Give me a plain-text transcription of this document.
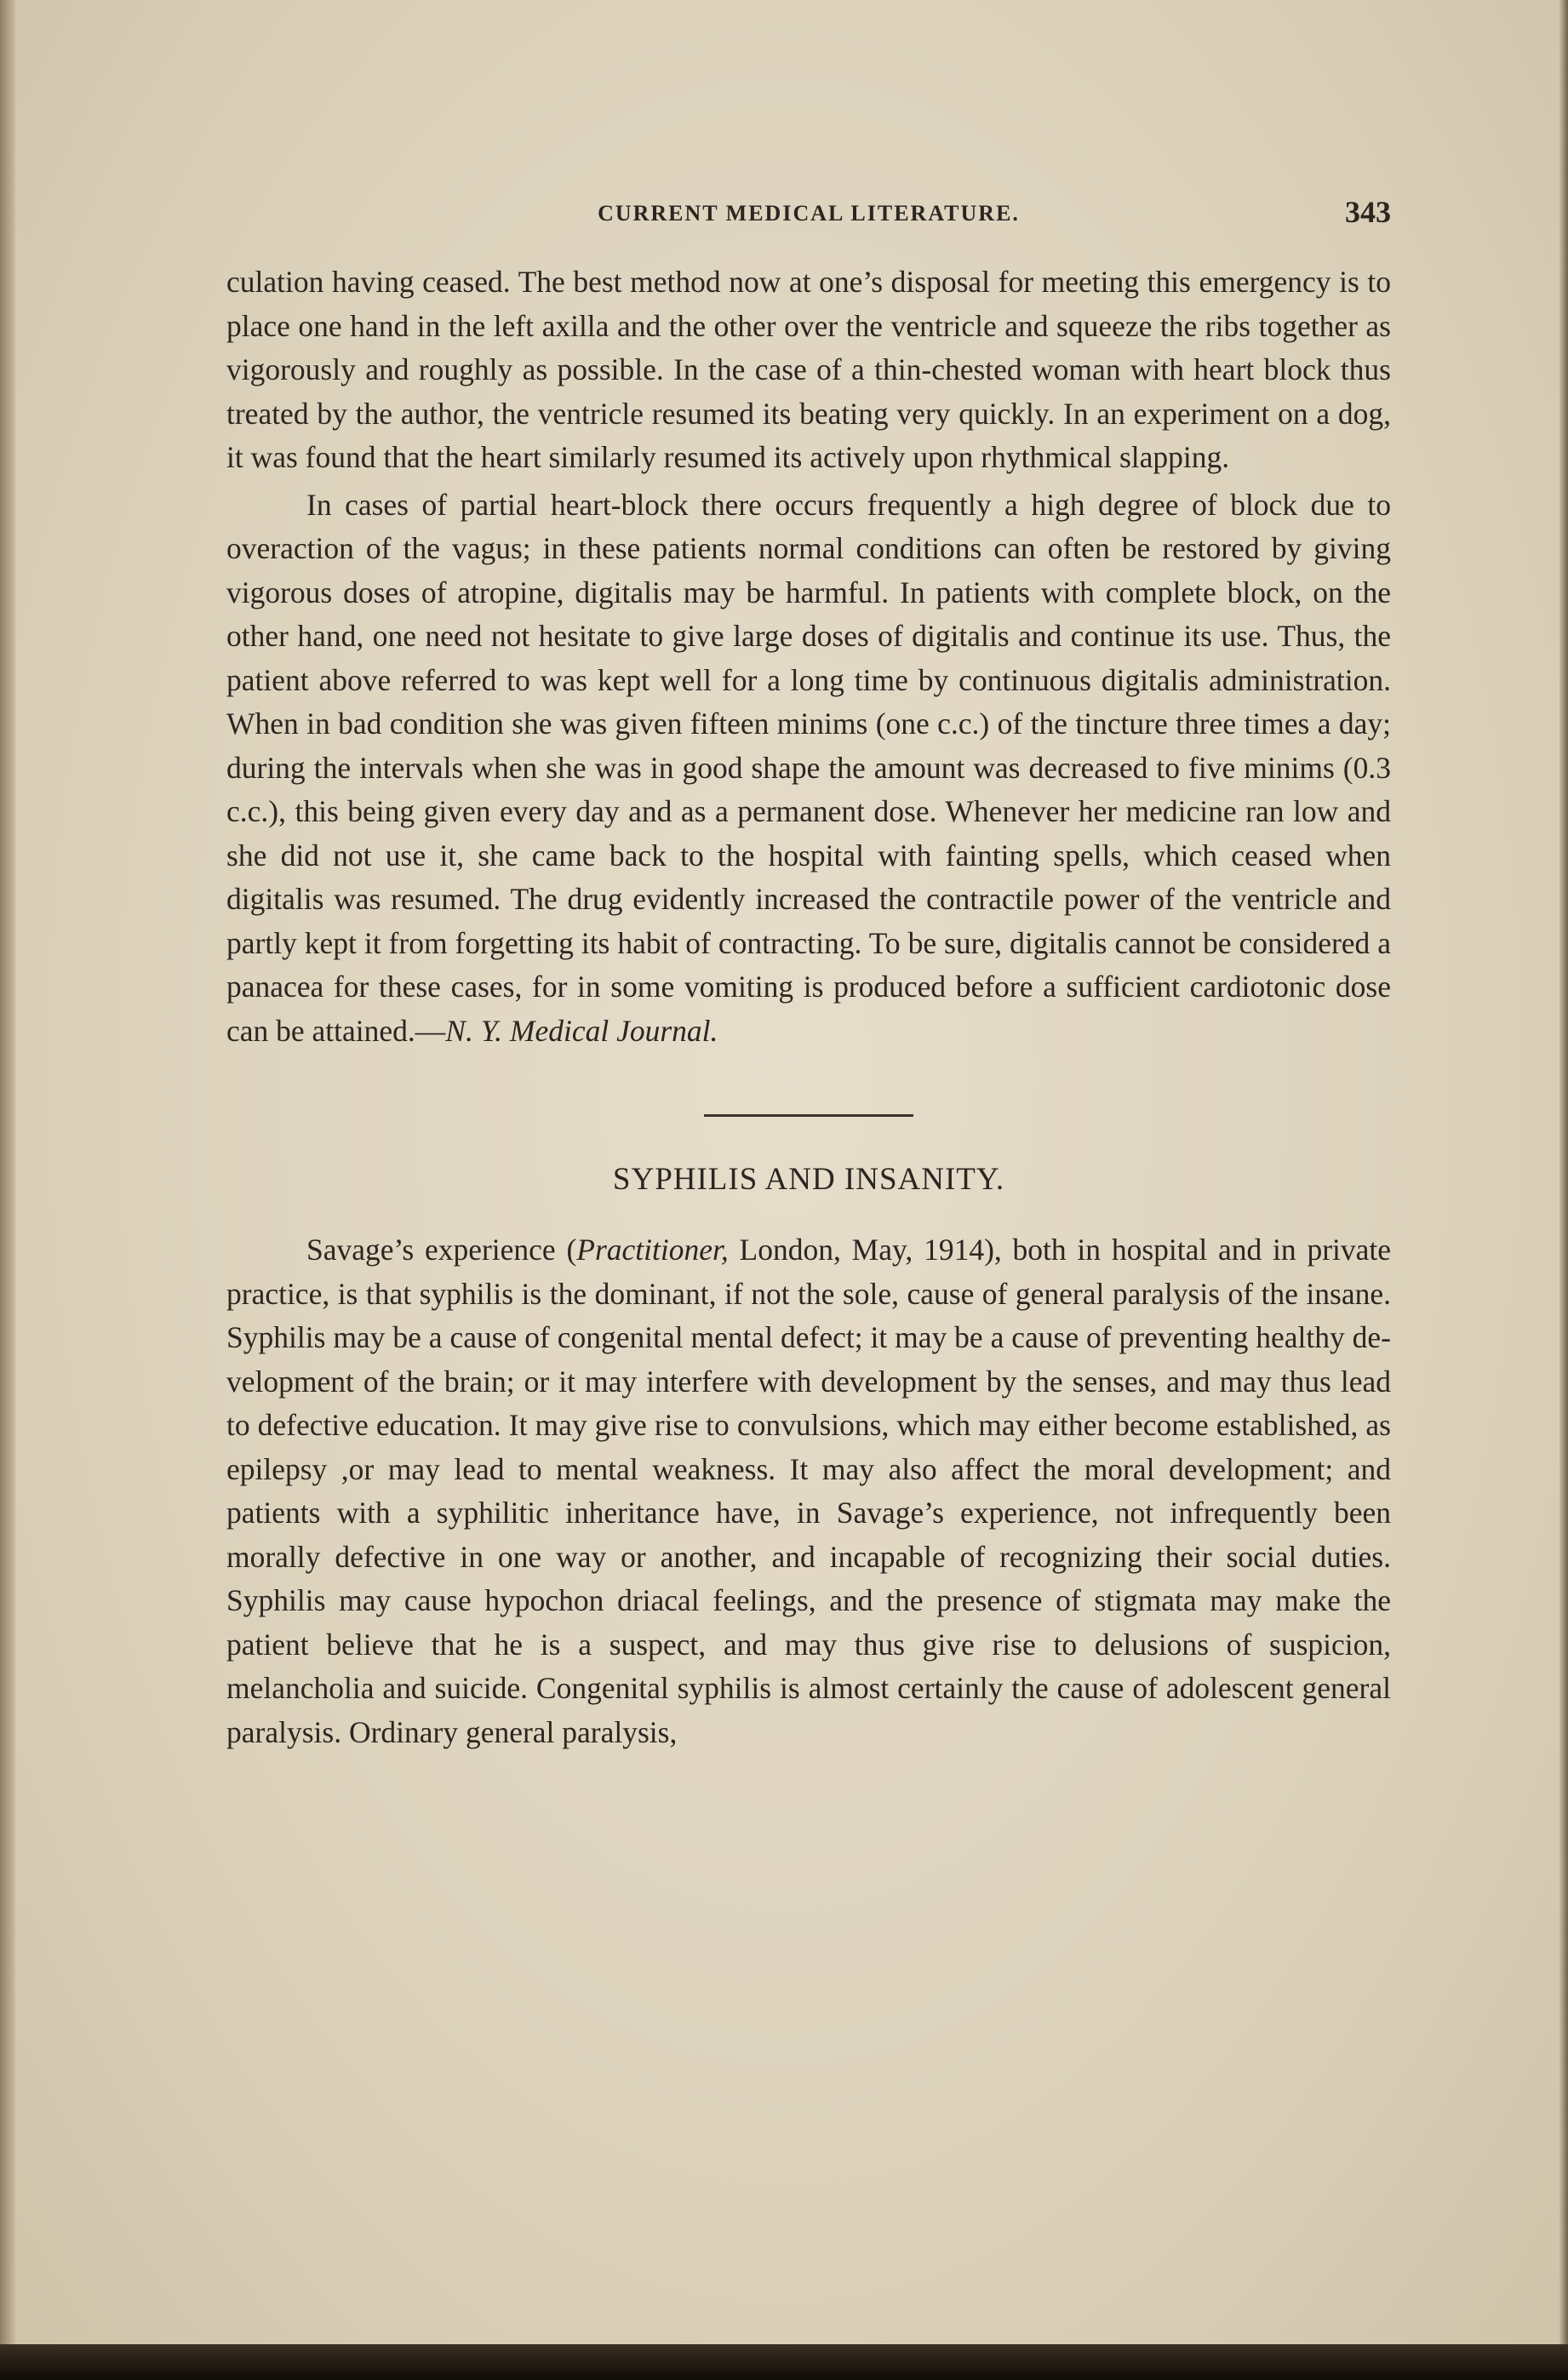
CURRENT MEDICAL LITERATURE.	343

culation having ceased. The best method now at one’s disposal for meeting this emergency is to place one hand in the left axilla and the other over the ventricle and squeeze the ribs together as vigorously and roughly as possible. In the case of a thin-chested woman with heart block thus treated by the author, the ventricle resumed its beating very quickly. In an experiment on a dog, it was found that the heart similarly resumed its actively upon rhythmical slapping.

In cases of partial heart-block there occurs frequently a high degree of block due to overaction of the vagus; in these patients normal conditions can often be restored by giving vigorous doses of atropine, digitalis may be harmful. In patients with complete block, on the other hand, one need not hesitate to give large doses of digitalis and continue its use. Thus, the patient above referred to was kept well for a long time by continuous digitalis administration. When in bad condition she was given fifteen minims (one c.c.) of the tincture three times a day; during the intervals when she was in good shape the amount was decreased to five minims (0.3 c.c.), this being given every day and as a permanent dose. Whenever her medicine ran low and she did not use it, she came back to the hospital with fainting spells, which ceased when digitalis was resumed. The drug evidently increased the contractile power of the ventricle and partly kept it from forgetting its habit of contracting. To be sure, digitalis cannot be considered a panacea for these cases, for in some vomiting is produced before a sufficient cardiotonic dose can be attained.—N. Y. Medical Journal.

SYPHILIS AND INSANITY.

Savage’s experience (Practitioner, London, May, 1914), both in hospital and in private practice, is that syphilis is the dominant, if not the sole, cause of general paralysis of the insane. Syphilis may be a cause of congenital mental defect; it may be a cause of preventing healthy development of the brain; or it may interfere with development by the senses, and may thus lead to defective education. It may give rise to convulsions, which may either become established, as epilepsy ,or may lead to mental weakness. It may also affect the moral development; and patients with a syphilitic inheritance have, in Savage’s experience, not infrequently been morally defective in one way or another, and incapable of recognizing their social duties. Syphilis may cause hypochon driacal feelings, and the presence of stigmata may make the patient believe that he is a suspect, and may thus give rise to delusions of suspicion, melancholia and suicide. Congenital syphilis is almost certainly the cause of adolescent general paralysis. Ordinary general paralysis,
